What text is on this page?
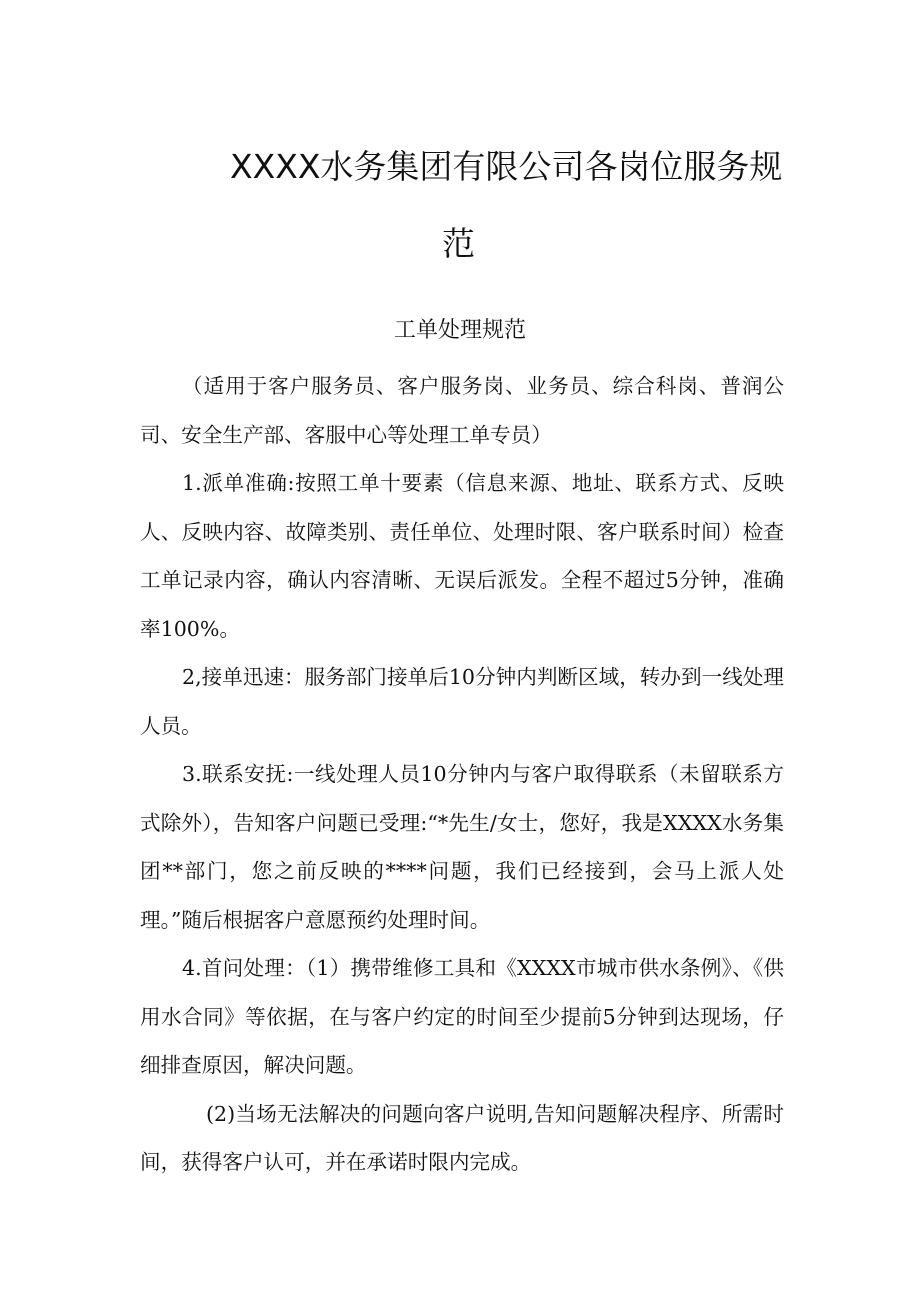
XXXX水务集团有限公司各岗位服务规
范
工单处理规范

（适用于客户服务员、客户服务岗、业务员、综合科岗、普润公司、安全生产部、客服中心等处理工单专员）

1.派单准确:按照工单十要素（信息来源、地址、联系方式、反映人、反映内容、故障类别、责任单位、处理时限、客户联系时间）检查工单记录内容，确认内容清晰、无误后派发。全程不超过5分钟，准确率100%。

2,接单迅速：服务部门接单后10分钟内判断区域，转办到一线处理人员。

3.联系安抚:一线处理人员10分钟内与客户取得联系（未留联系方式除外），告知客户问题已受理:“*先生/女士，您好，我是XXXX水务集团**部门，您之前反映的****问题，我们已经接到，会马上派人处理。”随后根据客户意愿预约处理时间。

4.首问处理：（1）携带维修工具和《XXXX市城市供水条例》、《供用水合同》等依据，在与客户约定的时间至少提前5分钟到达现场，仔细排查原因，解决问题。

(2)当场无法解决的问题向客户说明,告知问题解决程序、所需时间，获得客户认可，并在承诺时限内完成。
